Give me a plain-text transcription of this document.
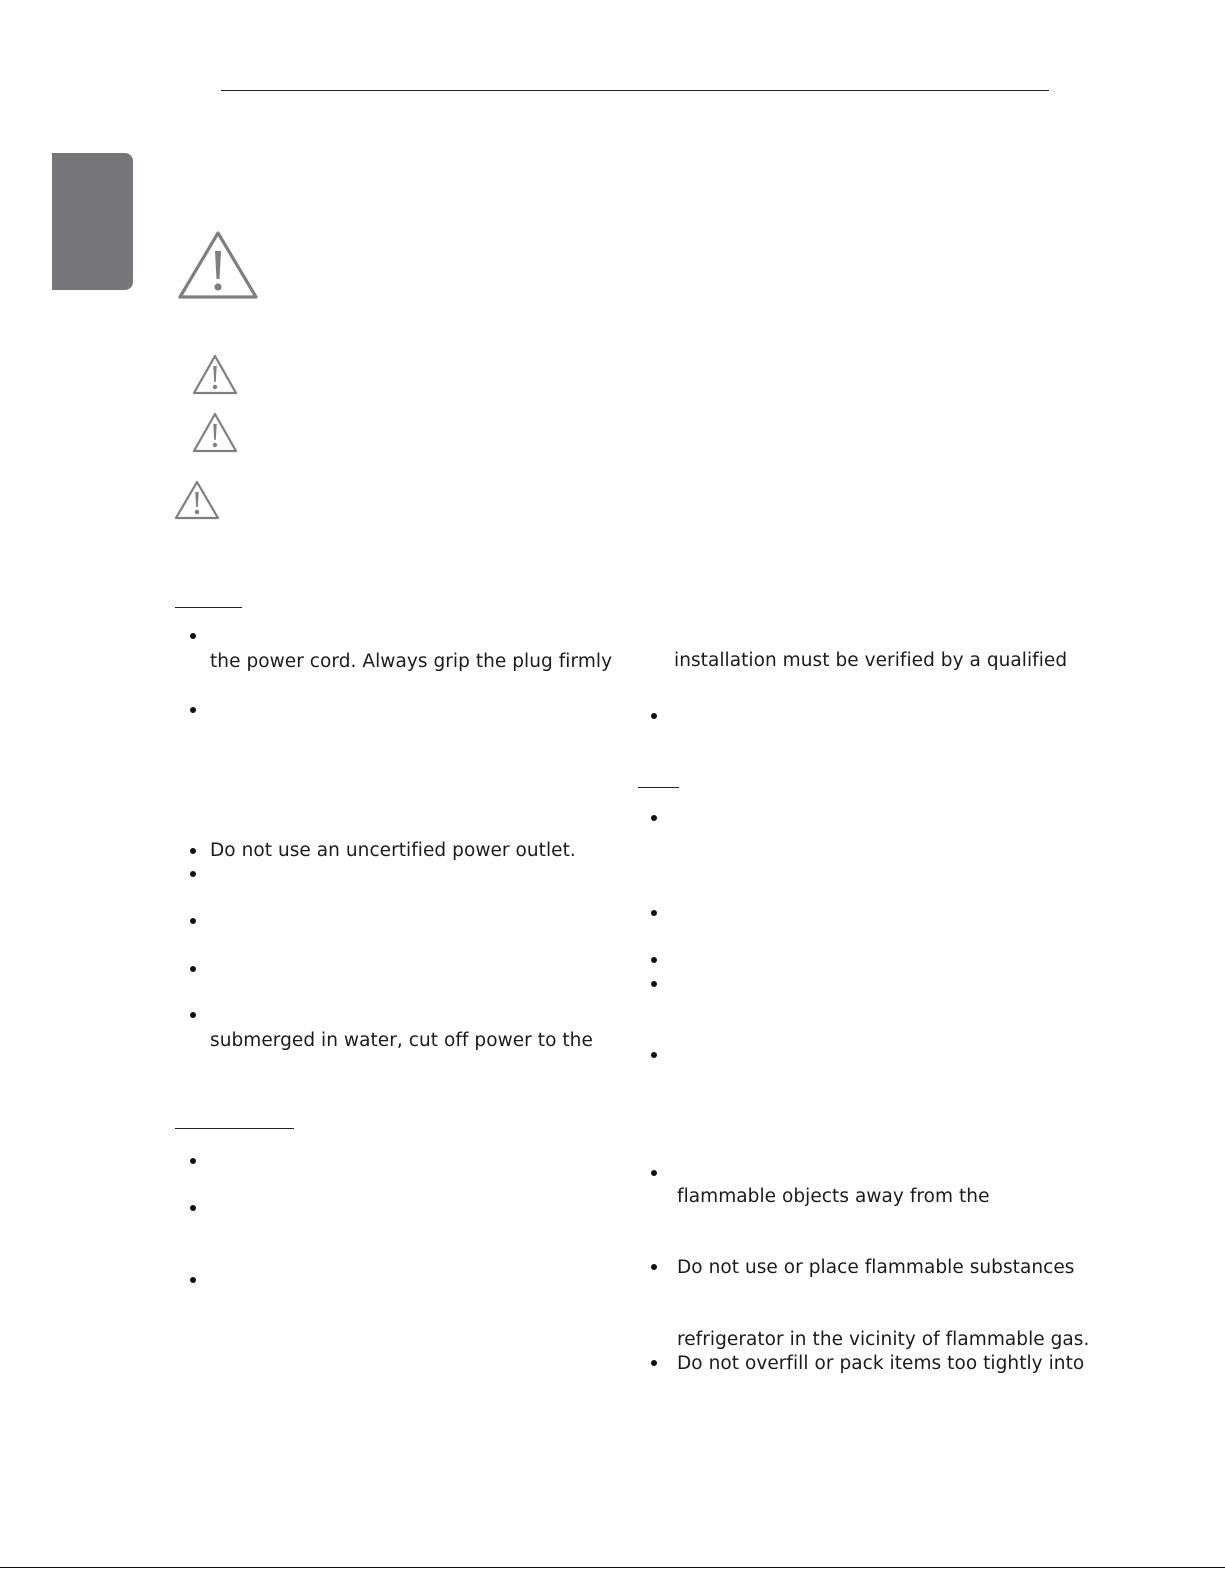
the power cord. Always grip the plug firmly
Do not use an uncertified power outlet.
submerged in water, cut off power to the
installation must be verified by a qualified
flammable objects away from the
Do not use or place flammable substances
refrigerator in the vicinity of flammable gas.
Do not overfill or pack items too tightly into
